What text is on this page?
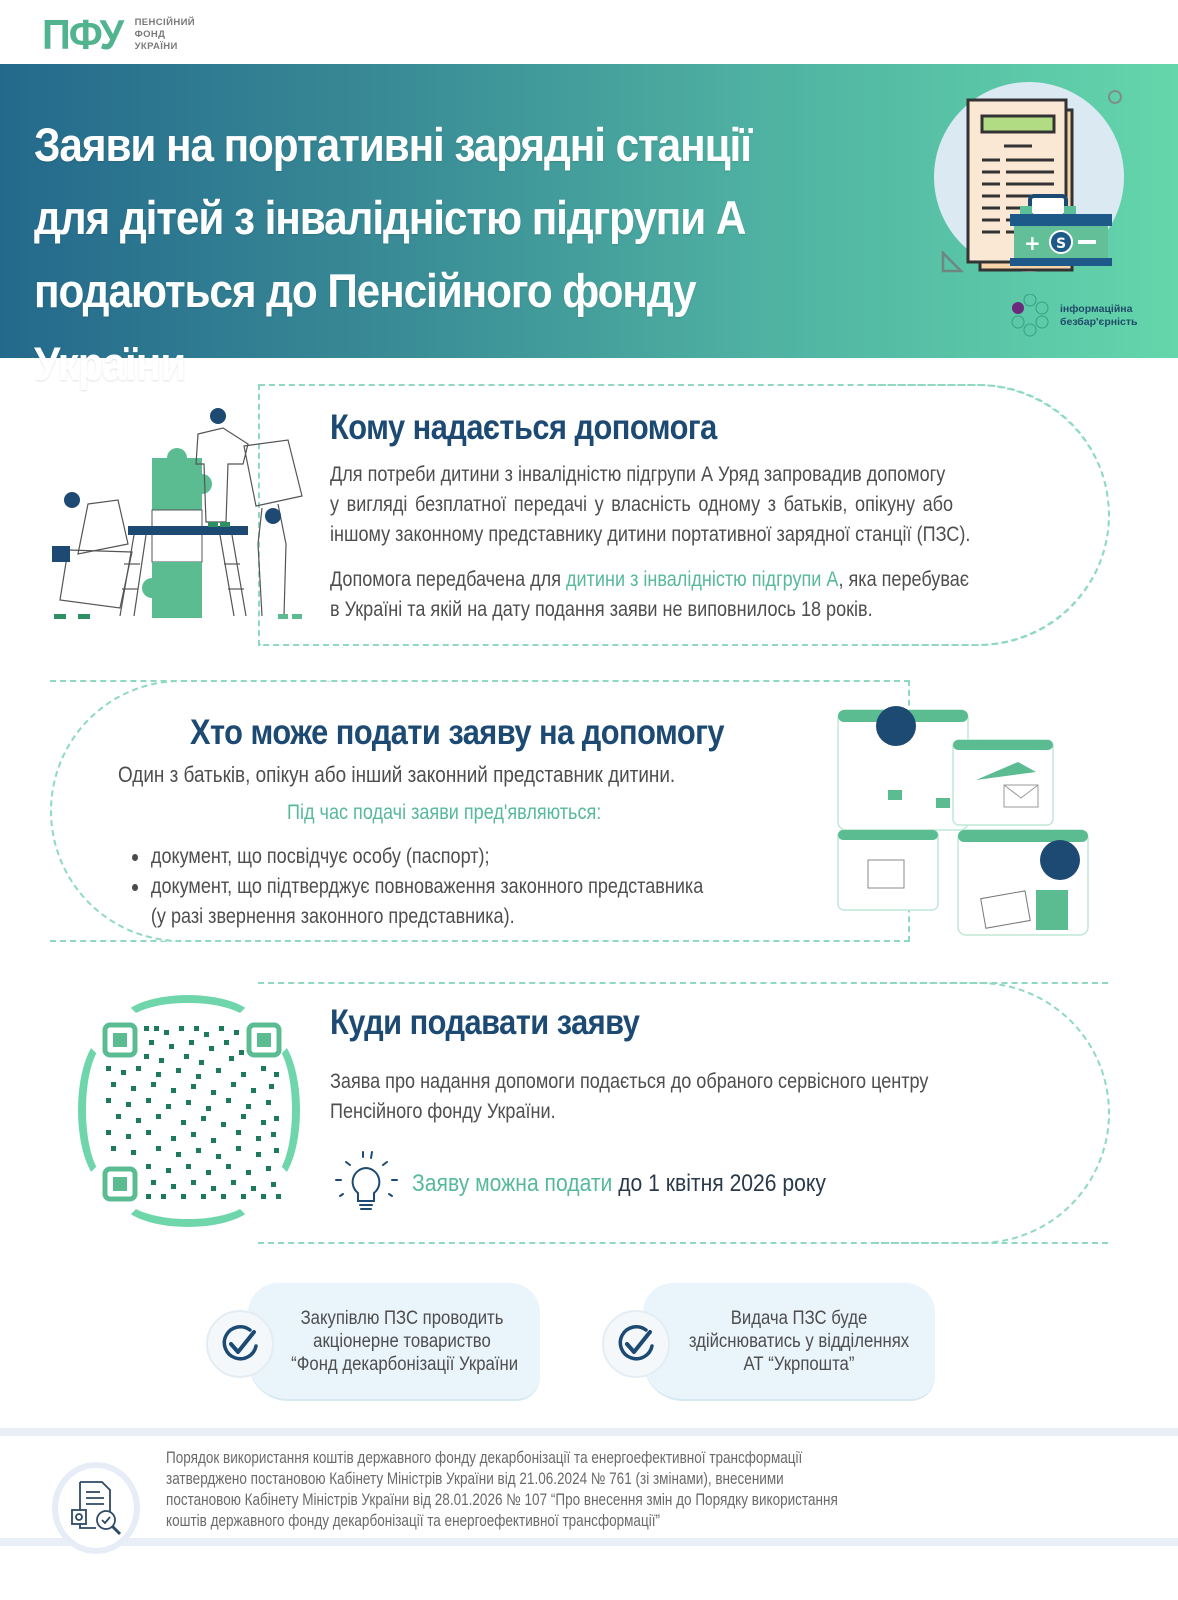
ПФУ ПЕНСІЙНИЙ
ФОНД
УКРАЇНИ
Заяви на портативні зарядні станції
для дітей з інвалідністю підгрупи А
подаються до Пенсійного фонду України
+ S
інформаційна
безбар'єрність
Кому надається допомога
Для потреби дитини з інвалідністю підгрупи А Уряд запровадив допомогу
у вигляді безплатної передачі у власність одному з батьків, опікуну або
іншому законному представнику дитини портативної зарядної станції (ПЗС).
Допомога передбачена для дитини з інвалідністю підгрупи А, яка перебуває
в Україні та якій на дату подання заяви не виповнилось 18 років.
Хто може подати заяву на допомогу
Один з батьків, опікун або інший законний представник дитини.
Під час подачі заяви пред'являються:
документ, що посвідчує особу (паспорт);
документ, що підтверджує повноваження законного представника
(у разі звернення законного представника).
Куди подавати заяву
Заява про надання допомоги подається до обраного сервісного центру
Пенсійного фонду України.
Заяву можна подати до 1 квітня 2026 року
Закупівлю ПЗС проводить
акціонерне товариство
“Фонд декарбонізації України
Видача ПЗС буде
здійснюватись у відділеннях
АТ “Укрпошта”
Порядок використання коштів державного фонду декарбонізації та енергоефективної трансформації
затверджено постановою Кабінету Міністрів України від 21.06.2024 № 761 (зі змінами), внесеними
постановою Кабінету Міністрів України від 28.01.2026 № 107 “Про внесення змін до Порядку використання
коштів державного фонду декарбонізації та енергоефективної трансформації”
